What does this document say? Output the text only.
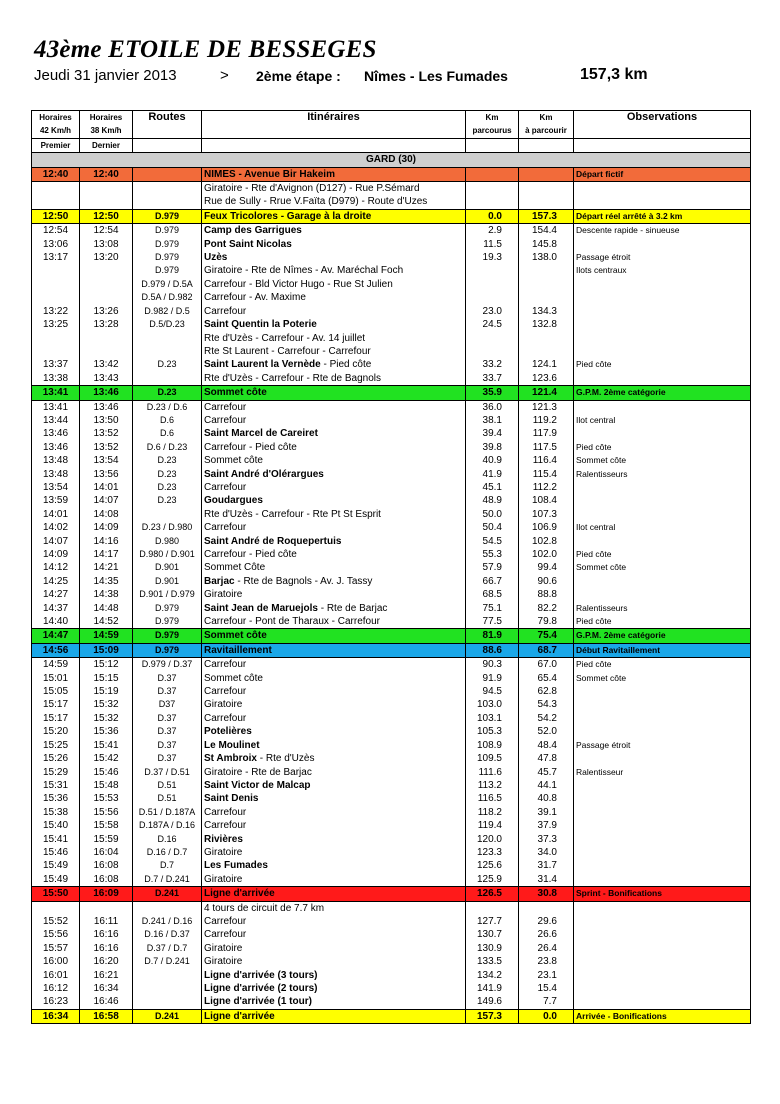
43ème ETOILE DE BESSEGES
Jeudi 31 janvier 2013	> 2ème étape : Nîmes - Les Fumades	157,3 km
Horaires	Horaires	Routes	Itinéraires	Km	Km	Observations
42 Km/h	38 Km/h			parcourus	à parcourir	
Premier	Dernier					
GARD (30)						
12:40	12:40		NIMES - Avenue Bir Hakeim			Départ fictif
			Giratoire - Rte d'Avignon (D127) - Rue P.Sémard			
			Rue de Sully - Rrue V.Faïta (D979) - Route d'Uzes			
12:50	12:50	D.979	Feux Tricolores - Garage à la droite	0.0	157.3	Départ réel arrêté à 3.2 km
12:54	12:54	D.979	Camp des Garrigues	2.9	154.4	Descente rapide - sinueuse
13:06	13:08	D.979	Pont Saint Nicolas	11.5	145.8	
13:17	13:20	D.979	Uzès	19.3	138.0	Passage étroit
		D.979	Giratoire - Rte de Nîmes - Av. Maréchal Foch			Ilots centraux
		D.979 / D.5A	Carrefour - Bld Victor Hugo - Rue St Julien			
		D.5A / D.982	Carrefour - Av. Maxime			
13:22	13:26	D.982 / D.5	Carrefour	23.0	134.3	
13:25	13:28	D.5/D.23	Saint Quentin la Poterie	24.5	132.8	
			Rte d'Uzès - Carrefour - Av. 14 juillet			
			Rte St Laurent - Carrefour - Carrefour			
13:37	13:42	D.23	Saint Laurent la Vernède - Pied côte	33.2	124.1	Pied côte
13:38	13:43		Rte d'Uzès - Carrefour - Rte de Bagnols	33.7	123.6	
13:41	13:46	D.23	Sommet côte	35.9	121.4	G.P.M. 2ème catégorie
13:41	13:46	D.23 / D.6	Carrefour	36.0	121.3	
13:44	13:50	D.6	Carrefour	38.1	119.2	Ilot central
13:46	13:52	D.6	Saint Marcel de Careiret	39.4	117.9	
13:46	13:52	D.6 / D.23	Carrefour - Pied côte	39.8	117.5	Pied côte
13:48	13:54	D.23	Sommet côte	40.9	116.4	Sommet côte
13:48	13:56	D.23	Saint André d'Olérargues	41.9	115.4	Ralentisseurs
13:54	14:01	D.23	Carrefour	45.1	112.2	
13:59	14:07	D.23	Goudargues	48.9	108.4	
14:01	14:08		Rte d'Uzès - Carrefour - Rte Pt St Esprit	50.0	107.3	
14:02	14:09	D.23 / D.980	Carrefour	50.4	106.9	Ilot central
14:07	14:16	D.980	Saint André de Roquepertuis	54.5	102.8	
14:09	14:17	D.980 / D.901	Carrefour - Pied côte	55.3	102.0	Pied côte
14:12	14:21	D.901	Sommet Côte	57.9	99.4	Sommet côte
14:25	14:35	D.901	Barjac - Rte de Bagnols - Av. J. Tassy	66.7	90.6	
14:27	14:38	D.901 / D.979	Giratoire	68.5	88.8	
14:37	14:48	D.979	Saint Jean de Maruejols - Rte de Barjac	75.1	82.2	Ralentisseurs
14:40	14:52	D.979	Carrefour - Pont de Tharaux - Carrefour	77.5	79.8	Pied côte
14:47	14:59	D.979	Sommet côte	81.9	75.4	G.P.M. 2ème catégorie
14:56	15:09	D.979	Ravitaillement	88.6	68.7	Début Ravitaillement
14:59	15:12	D.979 / D.37	Carrefour	90.3	67.0	Pied côte
15:01	15:15	D.37	Sommet côte	91.9	65.4	Sommet côte
15:05	15:19	D.37	Carrefour	94.5	62.8	
15:17	15:32	D37	Giratoire	103.0	54.3	
15:17	15:32	D.37	Carrefour	103.1	54.2	
15:20	15:36	D.37	Potelières	105.3	52.0	
15:25	15:41	D.37	Le Moulinet	108.9	48.4	Passage étroit
15:26	15:42	D.37	St Ambroix - Rte d'Uzès	109.5	47.8	
15:29	15:46	D.37 / D.51	Giratoire - Rte de Barjac	111.6	45.7	Ralentisseur
15:31	15:48	D.51	Saint Victor de Malcap	113.2	44.1	
15:36	15:53	D.51	Saint Denis	116.5	40.8	
15:38	15:56	D.51 / D.187A	Carrefour	118.2	39.1	
15:40	15:58	D.187A / D.16	Carrefour	119.4	37.9	
15:41	15:59	D.16	Rivières	120.0	37.3	
15:46	16:04	D.16 / D.7	Giratoire	123.3	34.0	
15:49	16:08	D.7	Les Fumades	125.6	31.7	
15:49	16:08	D.7 / D.241	Giratoire	125.9	31.4	
15:50	16:09	D.241	Ligne d'arrivée	126.5	30.8	Sprint - Bonifications
			4 tours de circuit de 7.7 km			
15:52	16:11	D.241 / D.16	Carrefour	127.7	29.6	
15:56	16:16	D.16 / D.37	Carrefour	130.7	26.6	
15:57	16:16	D.37 / D.7	Giratoire	130.9	26.4	
16:00	16:20	D.7 / D.241	Giratoire	133.5	23.8	
16:01	16:21		Ligne d'arrivée (3 tours)	134.2	23.1	
16:12	16:34		Ligne d'arrivée (2 tours)	141.9	15.4	
16:23	16:46		Ligne d'arrivée (1 tour)	149.6	7.7	
16:34	16:58	D.241	Ligne d'arrivée	157.3	0.0	Arrivée - Bonifications
